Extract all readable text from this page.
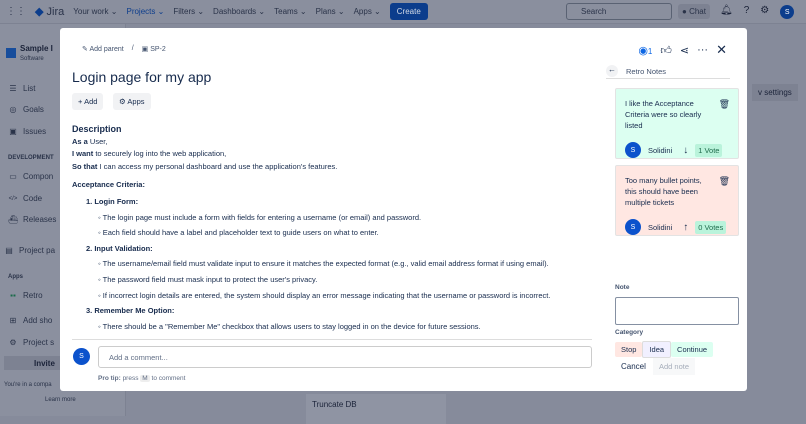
⋮⋮ ◆ Jira Your work ⌄ Projects ⌄ Filters ⌄ Dashboards ⌄ Teams ⌄ Plans ⌄ Apps ⌄	Create	Search	● Chat	🔔︎ ? ⚙	S
Sample I
Software
☰ List
◎ Goals
▣ Issues
DEVELOPMENT
▭ Compon
</> Code
⛴ Releases
▤ Project pa
Apps
▪▪ Retro
⊞ Add sho
⚙ Project s
Invite
You're in a compa
Learn more
v settings
Truncate DB
✎ Add parent / ▣ SP-2	◉1 👍︎ ⋖ ··· ✕
Login page for my app
+ Add	⚙ Apps
Description
As a User,
I want to securely log into the web application,
So that I can access my personal dashboard and use the application's features.
Acceptance Criteria:
1. Login Form:
◦ The login page must include a form with fields for entering a username (or email) and password.
◦ Each field should have a label and placeholder text to guide users on what to enter.
2. Input Validation:
◦ The username/email field must validate input to ensure it matches the expected format (e.g., valid email address format if using email).
◦ The password field must mask input to protect the user's privacy.
◦ If incorrect login details are entered, the system should display an error message indicating that the username or password is incorrect.
3. Remember Me Option:
◦ There should be a "Remember Me" checkbox that allows users to stay logged in on the device for future sessions.
S	Add a comment...
Pro tip: press M to comment
← Retro Notes
I like the Acceptance Criteria were so clearly listed
🗑︎
S	Solidini ↓	1 Vote
Too many bullet points, this should have been multiple tickets
🗑︎
S	Solidini ↑	0 Votes
Note
Category
Stop Idea Continue
Cancel	Add note
